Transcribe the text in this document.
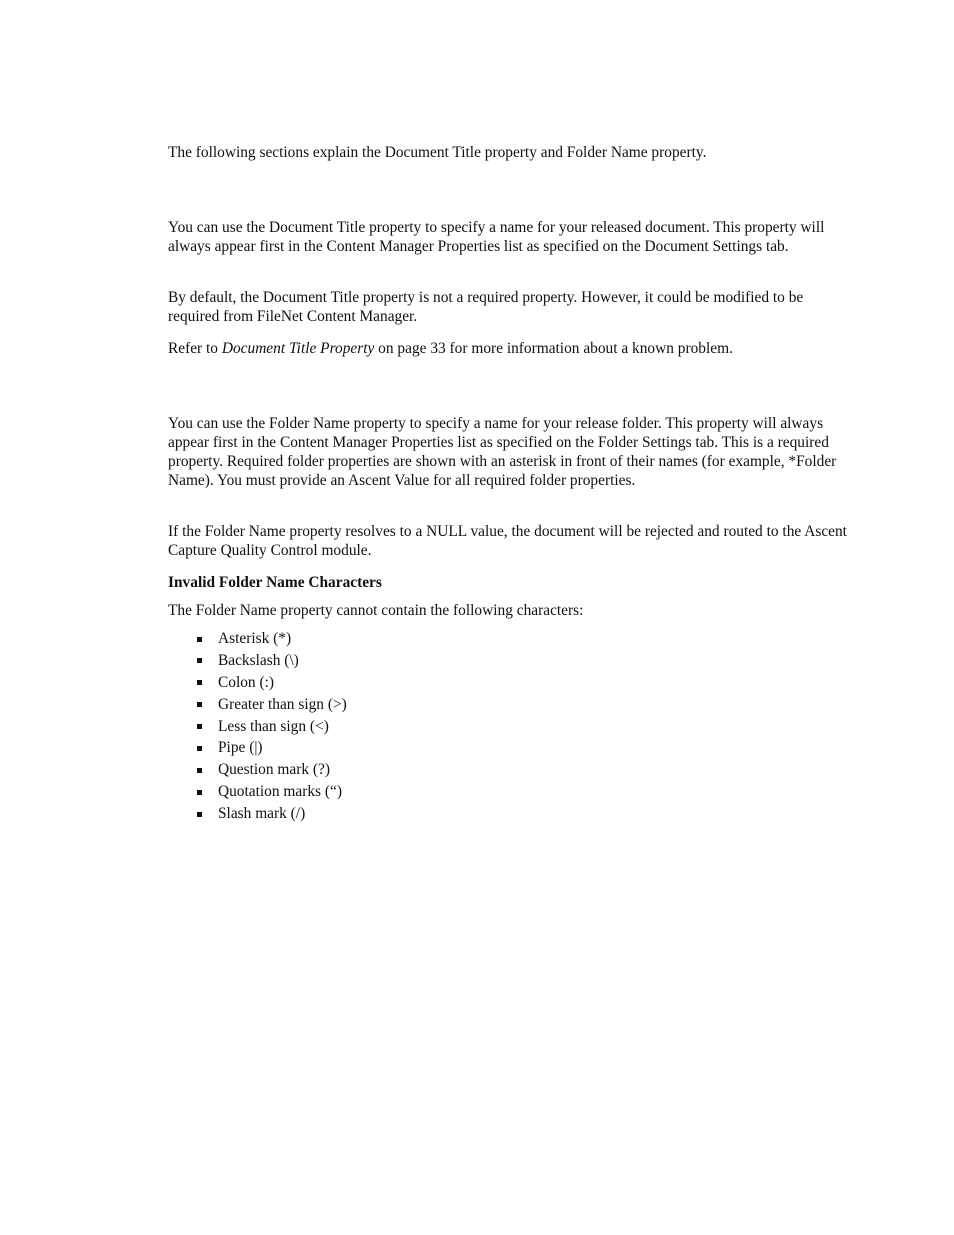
The following sections explain the Document Title property and Folder Name property.

You can use the Document Title property to specify a name for your released document. This property will always appear first in the Content Manager Properties list as specified on the Document Settings tab.

By default, the Document Title property is not a required property. However, it could be modified to be required from FileNet Content Manager.

Refer to Document Title Property on page 33 for more information about a known problem.

You can use the Folder Name property to specify a name for your release folder. This property will always appear first in the Content Manager Properties list as specified on the Folder Settings tab. This is a required property. Required folder properties are shown with an asterisk in front of their names (for example, *Folder Name). You must provide an Ascent Value for all required folder properties.

If the Folder Name property resolves to a NULL value, the document will be rejected and routed to the Ascent Capture Quality Control module.

Invalid Folder Name Characters

The Folder Name property cannot contain the following characters:

Asterisk (*)
Backslash (\)
Colon (:)
Greater than sign (>)
Less than sign (<)
Pipe (|)
Question mark (?)
Quotation marks (“)
Slash mark (/)
